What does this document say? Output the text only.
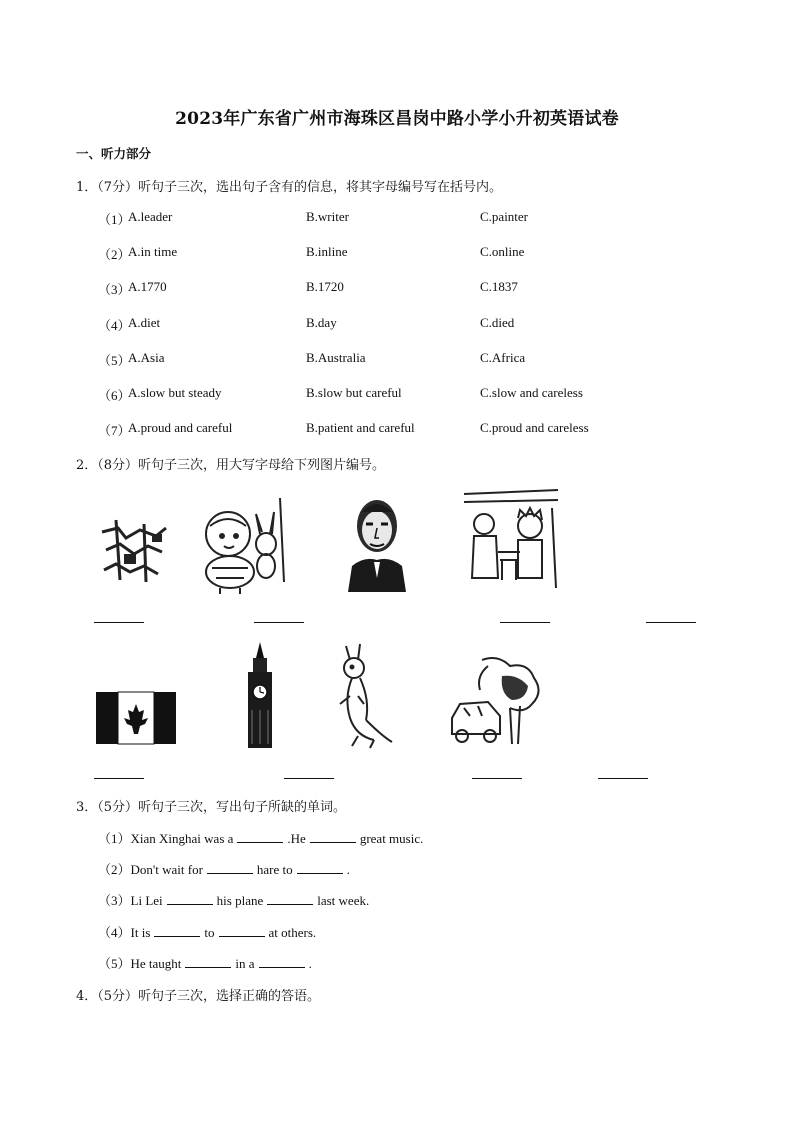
2023年广东省广州市海珠区昌岗中路小学小升初英语试卷
一、听力部分
1．（7分）听句子三次，选出句子含有的信息，将其字母编号写在括号内。
（1）
A.leader	B.writer	C.painter
（2）
A.in time	B.inline	C.online
（3）
A.1770	B.1720	C.1837
（4）
A.diet	B.day	C.died
（5）
A.Asia	B.Australia	C.Africa
（6）
A.slow but steady	B.slow but careful	C.slow and careless
（7）
A.proud and careful	B.patient and careful	C.proud and careless
2．（8分）听句子三次，用大写字母给下列图片编号。
3．（5分）听句子三次，写出句子所缺的单词。
（1）Xian Xinghai was a	.He	great music.
（2）Don't wait for	hare to	.
（3）Li Lei	his plane	last week.
（4）It is	to	at others.
（5）He taught	in a	.
4．（5分）听句子三次，选择正确的答语。
